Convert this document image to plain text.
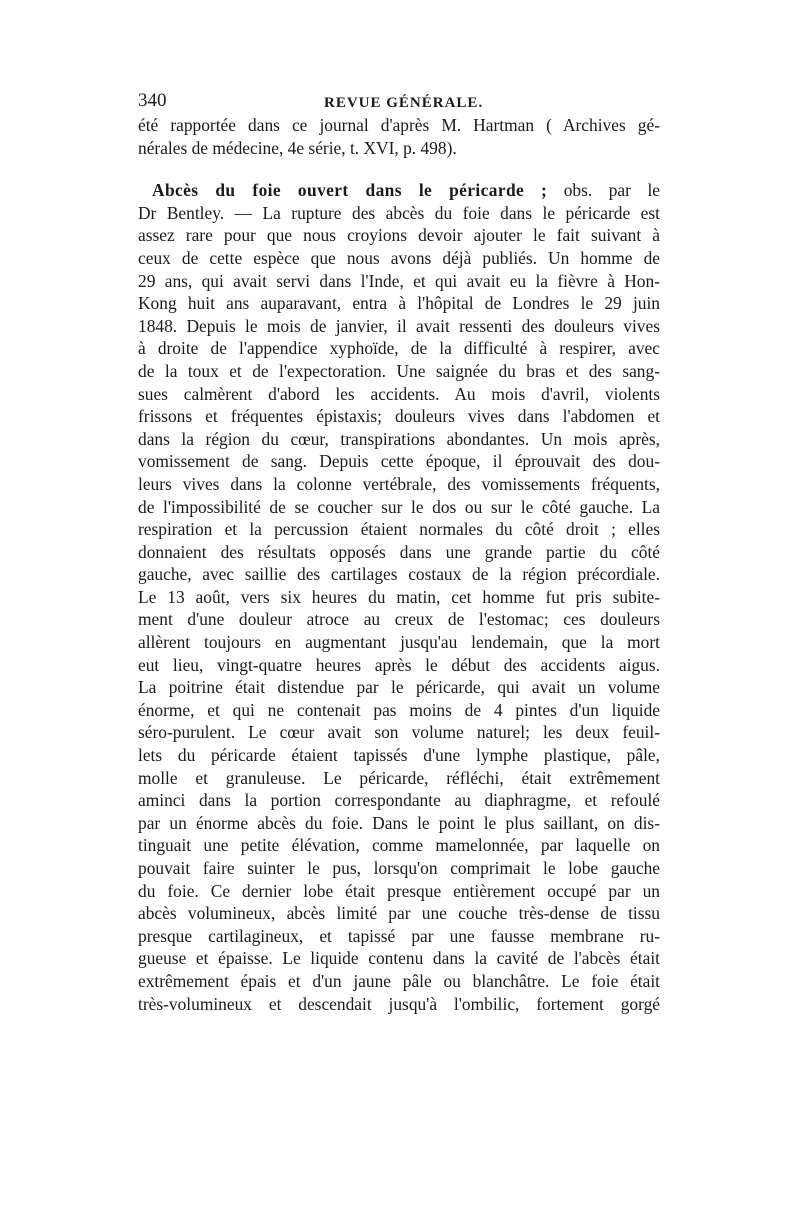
340	REVUE GÉNÉRALE.
été rapportée dans ce journal d'après M. Hartman ( Archives gé-
nérales de médecine, 4e série, t. XVI, p. 498).
Abcès du foie ouvert dans le péricarde ; obs. par le
Dr Bentley. — La rupture des abcès du foie dans le péricarde est
assez rare pour que nous croyions devoir ajouter le fait suivant à
ceux de cette espèce que nous avons déjà publiés. Un homme de
29 ans, qui avait servi dans l'Inde, et qui avait eu la fièvre à Hon-
Kong huit ans auparavant, entra à l'hôpital de Londres le 29 juin
1848. Depuis le mois de janvier, il avait ressenti des douleurs vives
à droite de l'appendice xyphoïde, de la difficulté à respirer, avec
de la toux et de l'expectoration. Une saignée du bras et des sang-
sues calmèrent d'abord les accidents. Au mois d'avril, violents
frissons et fréquentes épistaxis; douleurs vives dans l'abdomen et
dans la région du cœur, transpirations abondantes. Un mois après,
vomissement de sang. Depuis cette époque, il éprouvait des dou-
leurs vives dans la colonne vertébrale, des vomissements fréquents,
de l'impossibilité de se coucher sur le dos ou sur le côté gauche. La
respiration et la percussion étaient normales du côté droit ; elles
donnaient des résultats opposés dans une grande partie du côté
gauche, avec saillie des cartilages costaux de la région précordiale.
Le 13 août, vers six heures du matin, cet homme fut pris subite-
ment d'une douleur atroce au creux de l'estomac; ces douleurs
allèrent toujours en augmentant jusqu'au lendemain, que la mort
eut lieu, vingt-quatre heures après le début des accidents aigus.
La poitrine était distendue par le péricarde, qui avait un volume
énorme, et qui ne contenait pas moins de 4 pintes d'un liquide
séro-purulent. Le cœur avait son volume naturel; les deux feuil-
lets du péricarde étaient tapissés d'une lymphe plastique, pâle,
molle et granuleuse. Le péricarde, réfléchi, était extrêmement
aminci dans la portion correspondante au diaphragme, et refoulé
par un énorme abcès du foie. Dans le point le plus saillant, on dis-
tinguait une petite élévation, comme mamelonnée, par laquelle on
pouvait faire suinter le pus, lorsqu'on comprimait le lobe gauche
du foie. Ce dernier lobe était presque entièrement occupé par un
abcès volumineux, abcès limité par une couche très-dense de tissu
presque cartilagineux, et tapissé par une fausse membrane ru-
gueuse et épaisse. Le liquide contenu dans la cavité de l'abcès était
extrêmement épais et d'un jaune pâle ou blanchâtre. Le foie était
très-volumineux et descendait jusqu'à l'ombilic, fortement gorgé
